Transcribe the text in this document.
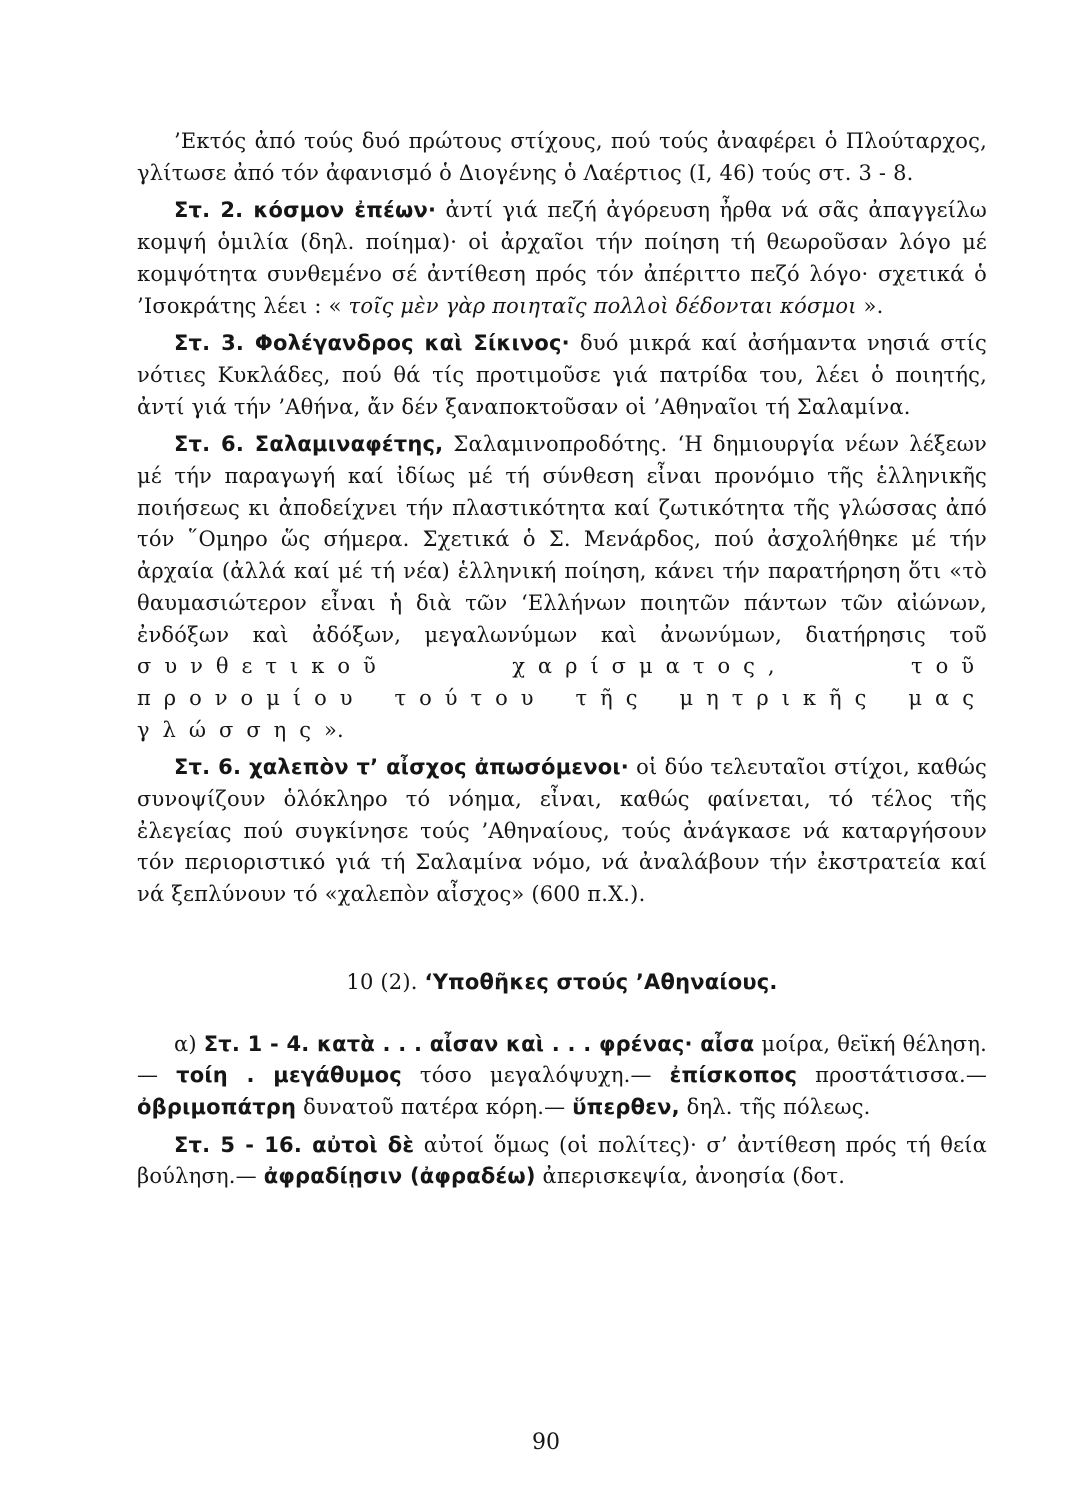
’Εκτός ἀπό τούς δυό πρώτους στίχους, πού τούς ἀναφέρει ὁ Πλούταρχος, γλίτωσε ἀπό τόν ἀφανισμό ὁ Διογένης ὁ Λαέρτιος (Ι, 46) τούς στ. 3 - 8.

Στ. 2. κόσμον ἐπέων· ἀντί γιά πεζή ἀγόρευση ἦρθα νά σᾶς ἀπαγγείλω κομψή ὁμιλία (δηλ. ποίημα)· οἱ ἀρχαῖοι τήν ποίηση τή θεωροῦσαν λόγο μέ κομψότητα συνθεμένο σέ ἀντίθεση πρός τόν ἀπέριττο πεζό λόγο· σχετικά ὁ ’Ισοκράτης λέει : « τοῖς μὲν γὰρ ποιηταῖς πολλοὶ δέδονται κόσμοι ».

Στ. 3. Φολέγανδρος καὶ Σίκινος· δυό μικρά καί ἀσήμαντα νησιά στίς νότιες Κυκλάδες, πού θά τίς προτιμοῦσε γιά πατρίδα του, λέει ὁ ποιητής, ἀντί γιά τήν ’Αθήνα, ἄν δέν ξαναποκτοῦσαν οἱ ’Αθηναῖοι τή Σαλαμίνα.

Στ. 6. Σαλαμιναφέτης, Σαλαμινοπροδότης. ‘Η δημιουργία νέων λέξεων μέ τήν παραγωγή καί ἰδίως μέ τή σύνθεση εἶναι προνόμιο τῆς ἑλληνικῆς ποιήσεως κι ἀποδείχνει τήν πλαστικότητα καί ζωτικότητα τῆς γλώσσας ἀπό τόν ῞Ομηρο ὥς σήμερα. Σχετικά ὁ Σ. Μενάρδος, πού ἀσχολήθηκε μέ τήν ἀρχαία (ἀλλά καί μέ τή νέα) ἑλληνική ποίηση, κάνει τήν παρατήρηση ὅτι «τὸ θαυμασιώτερον εἶναι ἡ διὰ τῶν ‘Ελλήνων ποιητῶν πάντων τῶν αἰώνων, ἐνδόξων καὶ ἀδόξων, μεγαλωνύμων καὶ ἀνωνύμων, διατήρησις τοῦ συνθετικοῦ χαρίσματος, τοῦ προνομίου τούτου τῆς μητρικῆς μας γλώσσης».

Στ. 6. χαλεπὸν τ’ αἶσχος ἀπωσόμενοι· οἱ δύο τελευταῖοι στίχοι, καθώς συνοψίζουν ὁλόκληρο τό νόημα, εἶναι, καθώς φαίνεται, τό τέλος τῆς ἐλεγείας πού συγκίνησε τούς ’Αθηναίους, τούς ἀνάγκασε νά καταργήσουν τόν περιοριστικό γιά τή Σαλαμίνα νόμο, νά ἀναλάβουν τήν ἐκστρατεία καί νά ξεπλύνουν τό «χαλεπὸν αἶσχος» (600 π.Χ.).

10 (2). ‘Υποθῆκες στούς ’Αθηναίους.

α) Στ. 1 - 4. κατὰ . . . αἶσαν καὶ . . . φρένας· αἶσα μοίρα, θεϊκή θέληση.— τοίη . μεγάθυμος τόσο μεγαλόψυχη.— ἐπίσκοπος προστάτισσα.— ὀβριμοπάτρη δυνατοῦ πατέρα κόρη.— ὕπερθεν, δηλ. τῆς πόλεως.

Στ. 5 - 16. αὐτοὶ δὲ αὐτοί ὅμως (οἱ πολίτες)· σ’ ἀντίθεση πρός τή θεία βούληση.— ἀφραδίῃσιν (ἀφραδέω) ἀπερισκεψία, ἀνοησία (δοτ.

90
